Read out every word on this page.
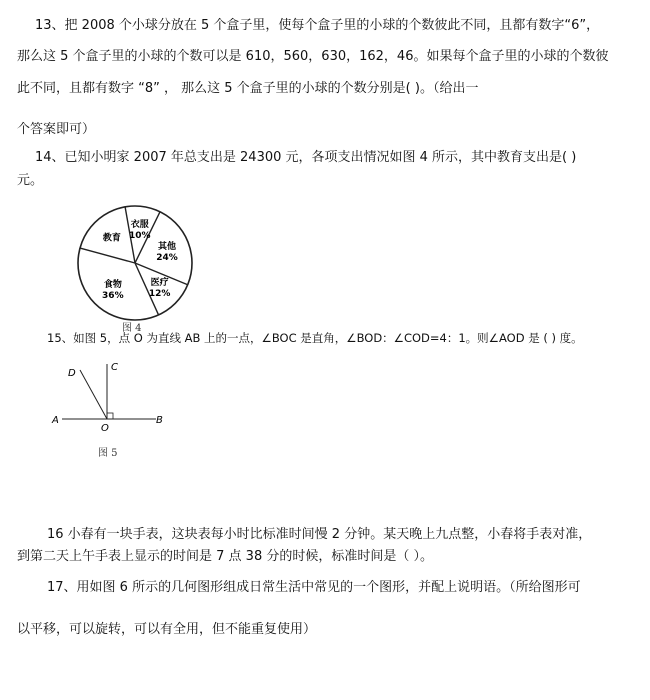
13、把 2008 个小球分放在 5 个盒子里，使每个盒子里的小球的个数彼此不同，且都有数字“6”，
那么这 5 个盒子里的小球的个数可以是 610，560，630，162，46。如果每个盒子里的小球的个数彼
此不同，且都有数字 “8” ， 那么这 5 个盒子里的小球的个数分别是( )。（给出一
个答案即可）
14、已知小明家 2007 年总支出是 24300 元，各项支出情况如图 4 所示，其中教育支出是( )
元。
衣服
10%
其他
24%
医疗
12%
食物
36%
教育
图 4
15、如图 5，点 O 为直线 AB 上的一点，∠BOC 是直角，∠BOD：∠COD=4：1。则∠AOD 是 ( ) 度。
A	B
C
D
O
图 5
16 小春有一块手表，这块表每小时比标准时间慢 2 分钟。某天晚上九点整，小春将手表对准，
到第二天上午手表上显示的时间是 7 点 38 分的时候，标准时间是（ ）。
17、用如图 6 所示的几何图形组成日常生活中常见的一个图形，并配上说明语。（所给图形可
以平移，可以旋转，可以有全用，但不能重复使用）
